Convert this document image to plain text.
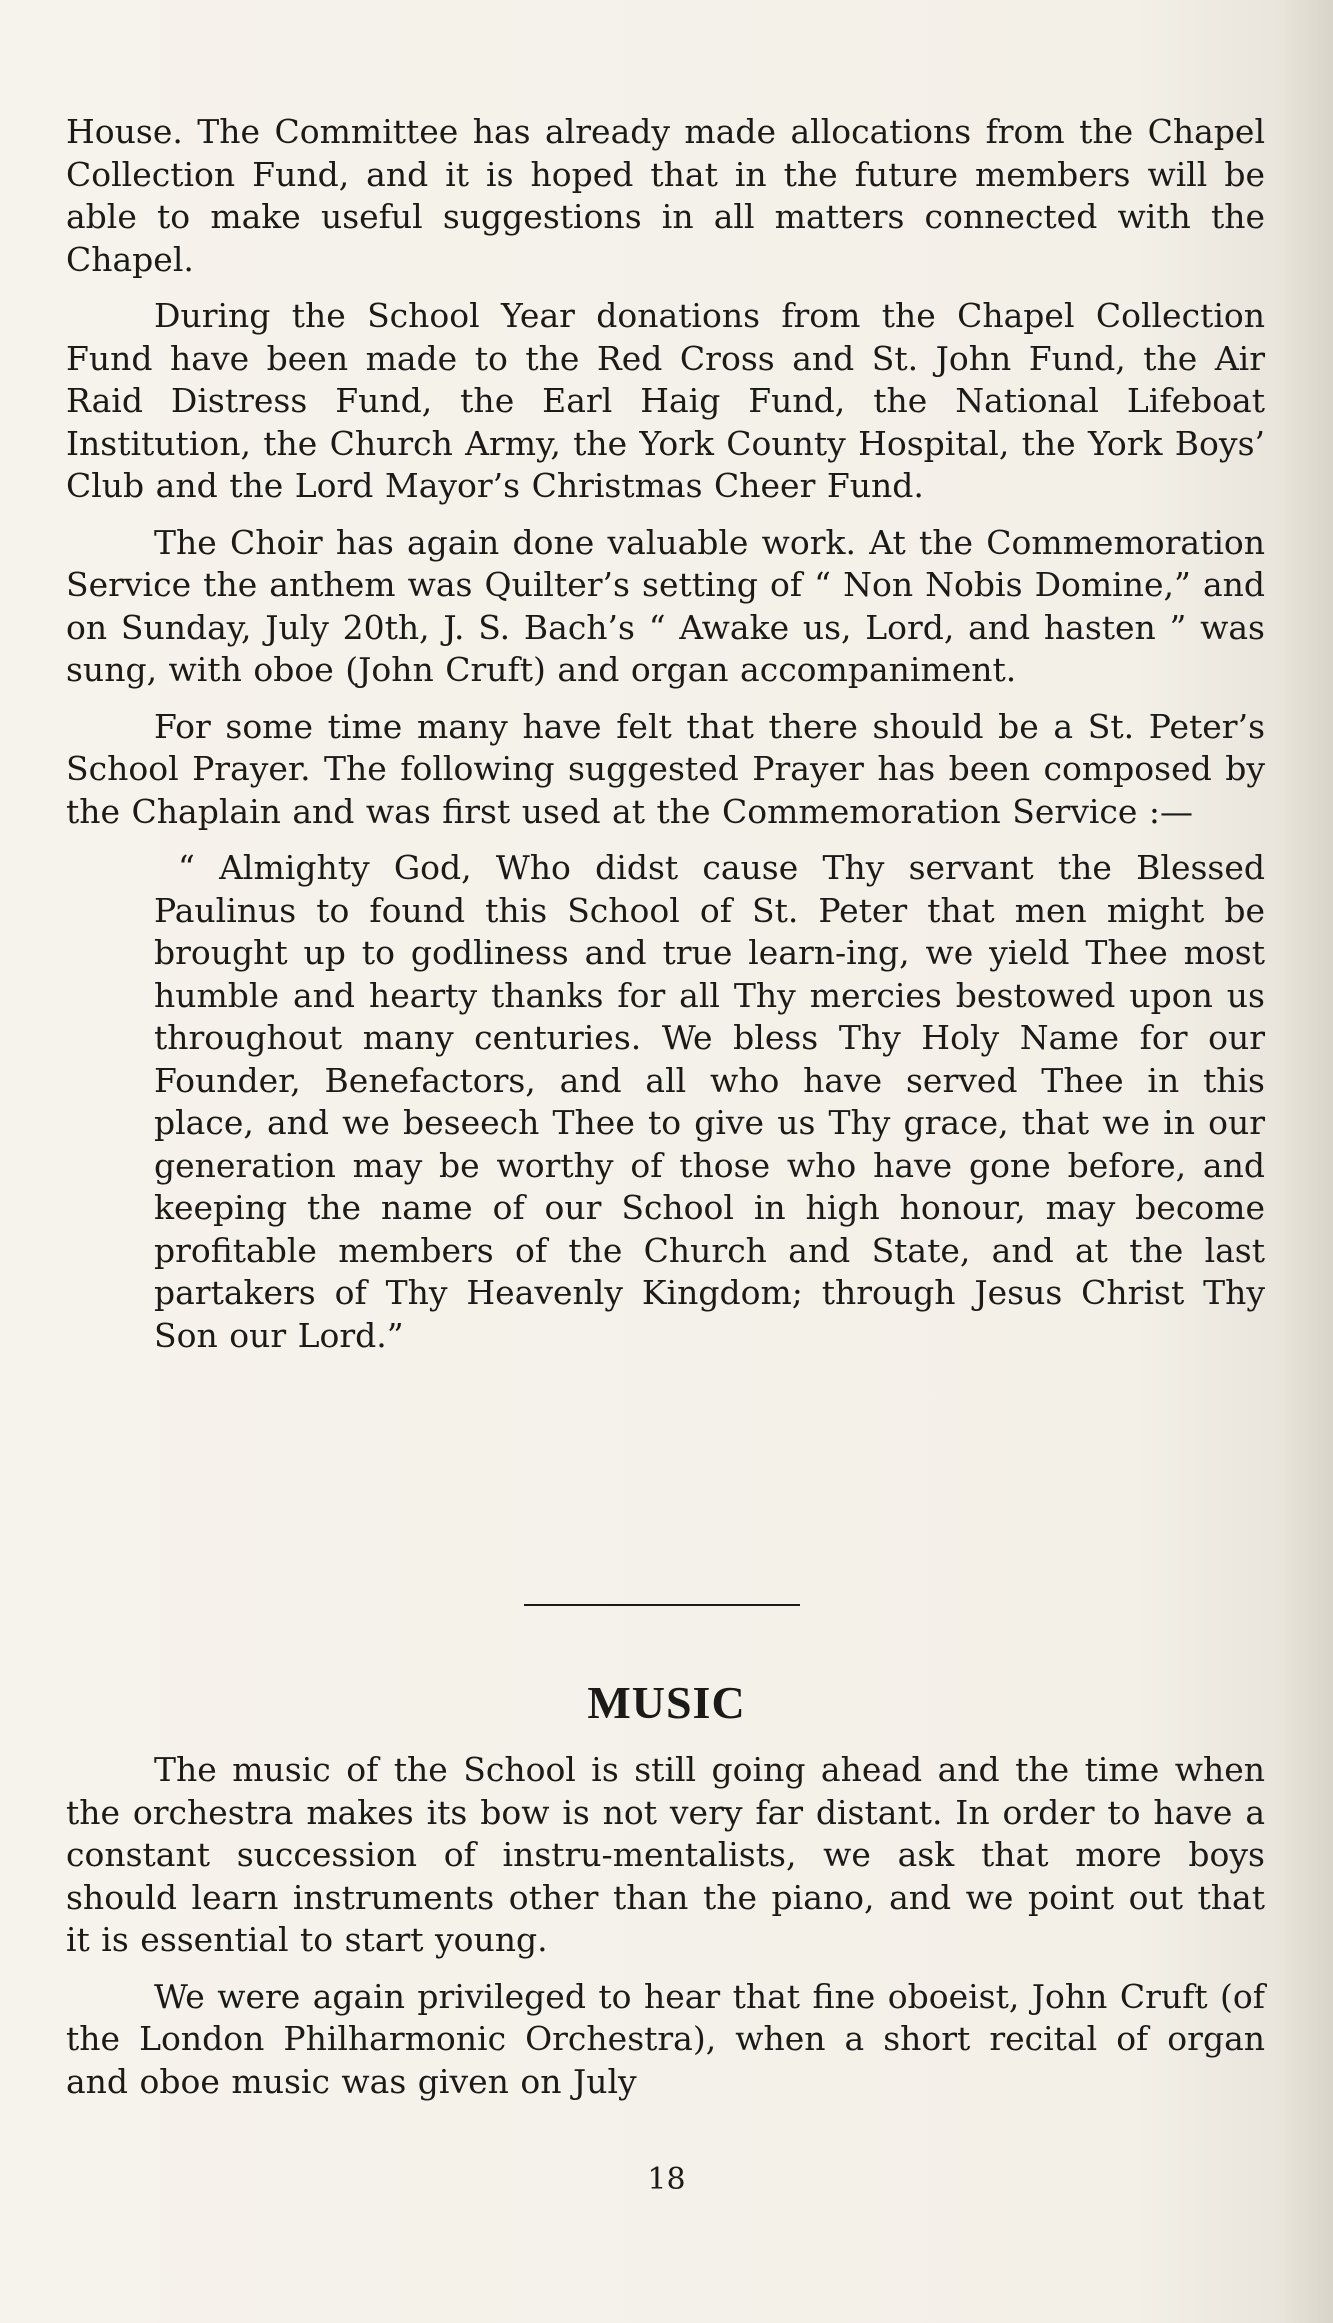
House. The Committee has already made allocations from the Chapel Collection Fund, and it is hoped that in the future members will be able to make useful suggestions in all matters connected with the Chapel.

During the School Year donations from the Chapel Collection Fund have been made to the Red Cross and St. John Fund, the Air Raid Distress Fund, the Earl Haig Fund, the National Lifeboat Institution, the Church Army, the York County Hospital, the York Boys’ Club and the Lord Mayor’s Christmas Cheer Fund.

The Choir has again done valuable work. At the Commemoration Service the anthem was Quilter’s setting of “ Non Nobis Domine,” and on Sunday, July 20th, J. S. Bach’s “ Awake us, Lord, and hasten ” was sung, with oboe (John Cruft) and organ accompaniment.

For some time many have felt that there should be a St. Peter’s School Prayer. The following suggested Prayer has been composed by the Chaplain and was first used at the Commemoration Service :—

“ Almighty God, Who didst cause Thy servant the Blessed Paulinus to found this School of St. Peter that men might be brought up to godliness and true learn-ing, we yield Thee most humble and hearty thanks for all Thy mercies bestowed upon us throughout many centuries. We bless Thy Holy Name for our Founder, Benefactors, and all who have served Thee in this place, and we beseech Thee to give us Thy grace, that we in our generation may be worthy of those who have gone before, and keeping the name of our School in high honour, may become profitable members of the Church and State, and at the last partakers of Thy Heavenly Kingdom; through Jesus Christ Thy Son our Lord.”

MUSIC

The music of the School is still going ahead and the time when the orchestra makes its bow is not very far distant. In order to have a constant succession of instru-mentalists, we ask that more boys should learn instruments other than the piano, and we point out that it is essential to start young.

We were again privileged to hear that fine oboeist, John Cruft (of the London Philharmonic Orchestra), when a short recital of organ and oboe music was given on July

18
